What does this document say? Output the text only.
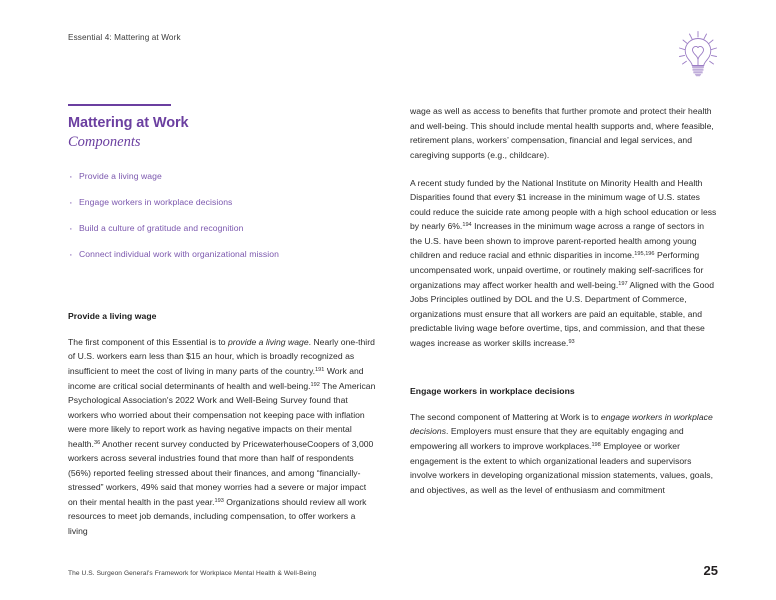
Essential 4: Mattering at Work
Mattering at Work
Components
· Provide a living wage
· Engage workers in workplace decisions
· Build a culture of gratitude and recognition
· Connect individual work with organizational mission
Provide a living wage

The first component of this Essential is to provide a living wage. Nearly one-third of U.S. workers earn less than $15 an hour, which is broadly recognized as insufficient to meet the cost of living in many parts of the country.$^{191}$ Work and income are critical social determinants of health and well-being.$^{192}$ The American Psychological Association's 2022 Work and Well-Being Survey found that workers who worried about their compensation not keeping pace with inflation were more likely to report work as having negative impacts on their mental health.$^{36}$ Another recent survey conducted by PricewaterhouseCoopers of 3,000 workers across several industries found that more than half of respondents (56%) reported feeling stressed about their finances, and among “financially-stressed” workers, 49% said that money worries had a severe or major impact on their mental health in the past year.$^{193}$ Organizations should review all work resources to meet job demands, including compensation, to offer workers a living

wage as well as access to benefits that further promote and protect their health and well-being. This should include mental health supports and, where feasible, retirement plans, workers’ compensation, financial and legal services, and caregiving supports (e.g., childcare).

A recent study funded by the National Institute on Minority Health and Health Disparities found that every $1 increase in the minimum wage of U.S. states could reduce the suicide rate among people with a high school education or less by nearly 6%.$^{194}$ Increases in the minimum wage across a range of sectors in the U.S. have been shown to improve parent-reported health among young children and reduce racial and ethnic disparities in income.$^{195,196}$ Performing uncompensated work, unpaid overtime, or routinely making self-sacrifices for organizations may affect worker health and well-being.$^{197}$ Aligned with the Good Jobs Principles outlined by DOL and the U.S. Department of Commerce, organizations must ensure that all workers are paid an equitable, stable, and predictable living wage before overtime, tips, and commission, and that these wages increase as worker skills increase.$^{93}$

Engage workers in workplace decisions

The second component of Mattering at Work is to engage workers in workplace decisions. Employers must ensure that they are equitably engaging and empowering all workers to improve workplaces.$^{198}$ Employee or worker engagement is the extent to which organizational leaders and supervisors involve workers in developing organizational mission statements, values, goals, and objectives, as well as the level of enthusiasm and commitment

The U.S. Surgeon General’s Framework for Workplace Mental Health & Well-Being	25
